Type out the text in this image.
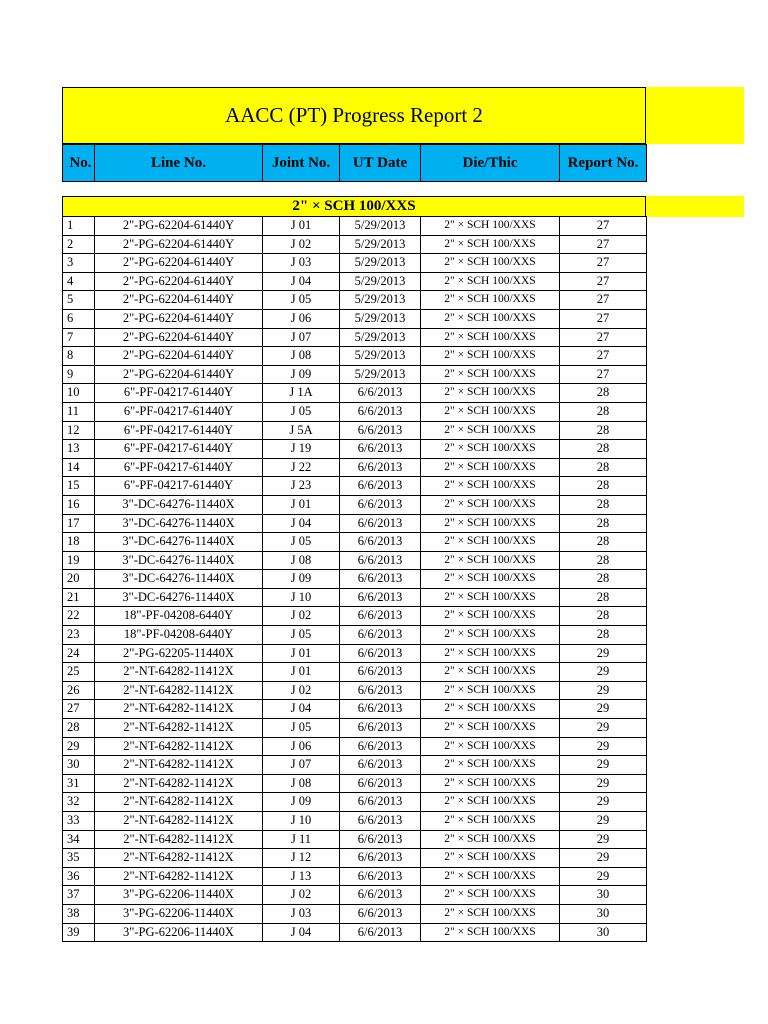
AACC (PT) Progress Report 2
No.	Line No.	Joint No.	UT Date	Die/Thic	Report No.
2" × SCH 100/XXS
1	2"-PG-62204-61440Y	J 01	5/29/2013	2" × SCH 100/XXS	27
2	2"-PG-62204-61440Y	J 02	5/29/2013	2" × SCH 100/XXS	27
3	2"-PG-62204-61440Y	J 03	5/29/2013	2" × SCH 100/XXS	27
4	2"-PG-62204-61440Y	J 04	5/29/2013	2" × SCH 100/XXS	27
5	2"-PG-62204-61440Y	J 05	5/29/2013	2" × SCH 100/XXS	27
6	2"-PG-62204-61440Y	J 06	5/29/2013	2" × SCH 100/XXS	27
7	2"-PG-62204-61440Y	J 07	5/29/2013	2" × SCH 100/XXS	27
8	2"-PG-62204-61440Y	J 08	5/29/2013	2" × SCH 100/XXS	27
9	2"-PG-62204-61440Y	J 09	5/29/2013	2" × SCH 100/XXS	27
10	6"-PF-04217-61440Y	J 1A	6/6/2013	2" × SCH 100/XXS	28
11	6"-PF-04217-61440Y	J 05	6/6/2013	2" × SCH 100/XXS	28
12	6"-PF-04217-61440Y	J 5A	6/6/2013	2" × SCH 100/XXS	28
13	6"-PF-04217-61440Y	J 19	6/6/2013	2" × SCH 100/XXS	28
14	6"-PF-04217-61440Y	J 22	6/6/2013	2" × SCH 100/XXS	28
15	6"-PF-04217-61440Y	J 23	6/6/2013	2" × SCH 100/XXS	28
16	3"-DC-64276-11440X	J 01	6/6/2013	2" × SCH 100/XXS	28
17	3"-DC-64276-11440X	J 04	6/6/2013	2" × SCH 100/XXS	28
18	3"-DC-64276-11440X	J 05	6/6/2013	2" × SCH 100/XXS	28
19	3"-DC-64276-11440X	J 08	6/6/2013	2" × SCH 100/XXS	28
20	3"-DC-64276-11440X	J 09	6/6/2013	2" × SCH 100/XXS	28
21	3"-DC-64276-11440X	J 10	6/6/2013	2" × SCH 100/XXS	28
22	18"-PF-04208-6440Y	J 02	6/6/2013	2" × SCH 100/XXS	28
23	18"-PF-04208-6440Y	J 05	6/6/2013	2" × SCH 100/XXS	28
24	2"-PG-62205-11440X	J 01	6/6/2013	2" × SCH 100/XXS	29
25	2"-NT-64282-11412X	J 01	6/6/2013	2" × SCH 100/XXS	29
26	2"-NT-64282-11412X	J 02	6/6/2013	2" × SCH 100/XXS	29
27	2"-NT-64282-11412X	J 04	6/6/2013	2" × SCH 100/XXS	29
28	2"-NT-64282-11412X	J 05	6/6/2013	2" × SCH 100/XXS	29
29	2"-NT-64282-11412X	J 06	6/6/2013	2" × SCH 100/XXS	29
30	2"-NT-64282-11412X	J 07	6/6/2013	2" × SCH 100/XXS	29
31	2"-NT-64282-11412X	J 08	6/6/2013	2" × SCH 100/XXS	29
32	2"-NT-64282-11412X	J 09	6/6/2013	2" × SCH 100/XXS	29
33	2"-NT-64282-11412X	J 10	6/6/2013	2" × SCH 100/XXS	29
34	2"-NT-64282-11412X	J 11	6/6/2013	2" × SCH 100/XXS	29
35	2"-NT-64282-11412X	J 12	6/6/2013	2" × SCH 100/XXS	29
36	2"-NT-64282-11412X	J 13	6/6/2013	2" × SCH 100/XXS	29
37	3"-PG-62206-11440X	J 02	6/6/2013	2" × SCH 100/XXS	30
38	3"-PG-62206-11440X	J 03	6/6/2013	2" × SCH 100/XXS	30
39	3"-PG-62206-11440X	J 04	6/6/2013	2" × SCH 100/XXS	30
